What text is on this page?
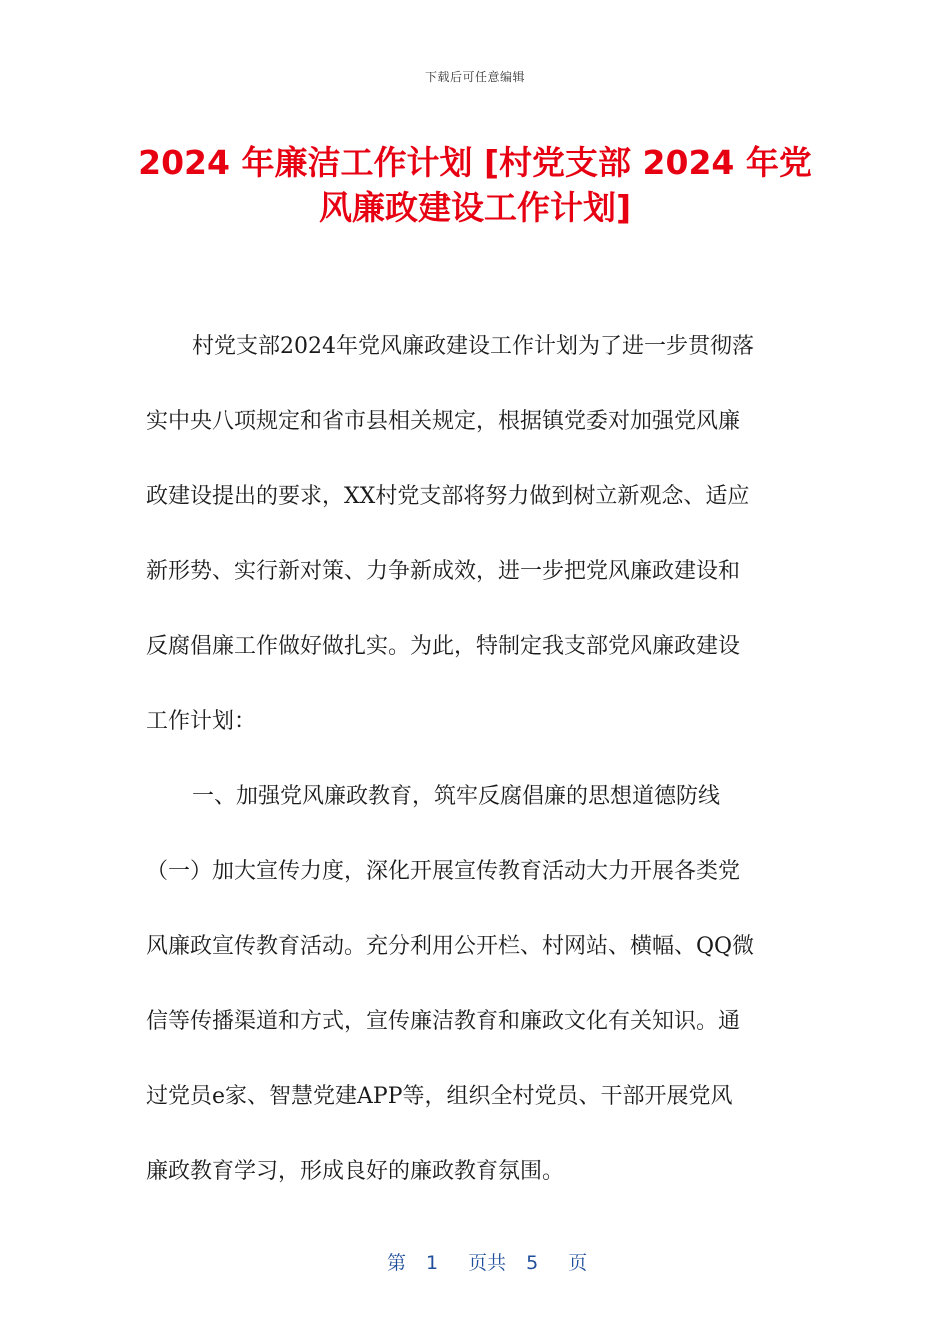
下载后可任意编辑
2024 年廉洁工作计划 [村党支部 2024 年党
风廉政建设工作计划]
村党支部2024年党风廉政建设工作计划为了进一步贯彻落
实中央八项规定和省市县相关规定，根据镇党委对加强党风廉
政建设提出的要求，XX村党支部将努力做到树立新观念、适应
新形势、实行新对策、力争新成效，进一步把党风廉政建设和
反腐倡廉工作做好做扎实。为此，特制定我支部党风廉政建设
工作计划：
一、加强党风廉政教育，筑牢反腐倡廉的思想道德防线
（一）加大宣传力度，深化开展宣传教育活动大力开展各类党
风廉政宣传教育活动。充分利用公开栏、村网站、横幅、QQ微
信等传播渠道和方式，宣传廉洁教育和廉政文化有关知识。通
过党员e家、智慧党建APP等，组织全村党员、干部开展党风
廉政教育学习，形成良好的廉政教育氛围。

第 1 页共 5 页
